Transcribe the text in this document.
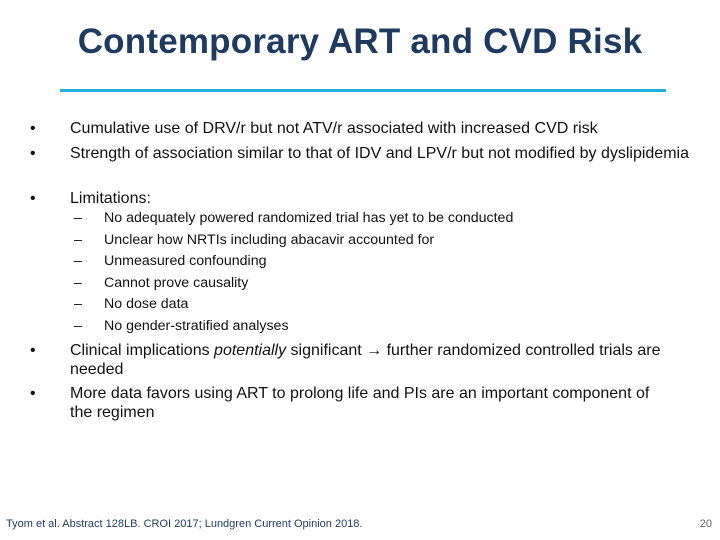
Contemporary ART and CVD Risk
•
Cumulative use of DRV/r but not ATV/r associated with increased CVD risk
•
Strength of association similar to that of IDV and LPV/r but not modified by dyslipidemia
•
Limitations:
–
No adequately powered randomized trial has yet to be conducted
–
Unclear how NRTIs including abacavir accounted for
–
Unmeasured confounding
–
Cannot prove causality
–
No dose data
–
No gender-stratified analyses
•
Clinical implications potentially significant → further randomized controlled trials are needed
•
More data favors using ART to prolong life and PIs are an important component of the regimen
Tyom et al. Abstract 128LB. CROI 2017; Lundgren Current Opinion 2018.	20
